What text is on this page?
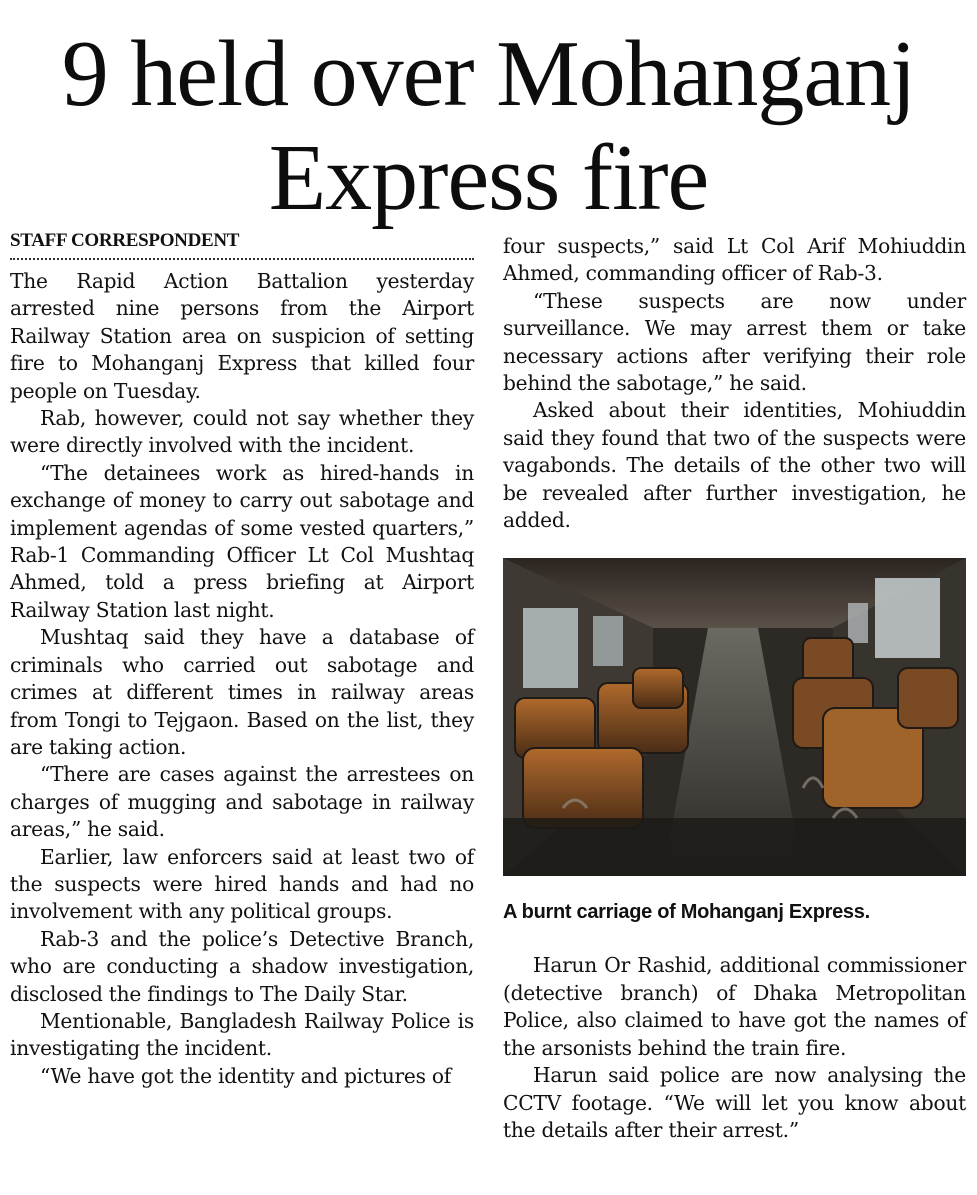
9 held over Mohanganj
Express fire
STAFF CORRESPONDENT

The Rapid Action Battalion yesterday arrested nine persons from the Airport Railway Station area on suspicion of setting fire to Mohanganj Express that killed four people on Tuesday.

Rab, however, could not say whether they were directly involved with the incident.

“The detainees work as hired-hands in exchange of money to carry out sabotage and implement agendas of some vested quarters,” Rab-1 Commanding Officer Lt Col Mushtaq Ahmed, told a press briefing at Airport Railway Station last night.

Mushtaq said they have a database of criminals who carried out sabotage and crimes at different times in railway areas from Tongi to Tejgaon. Based on the list, they are taking action.

“There are cases against the arrestees on charges of mugging and sabotage in railway areas,” he said.

Earlier, law enforcers said at least two of the suspects were hired hands and had no involvement with any political groups.

Rab-3 and the police’s Detective Branch, who are conducting a shadow investigation, disclosed the findings to The Daily Star.

Mentionable, Bangladesh Railway Police is investigating the incident.

“We have got the identity and pictures of

four suspects,” said Lt Col Arif Mohiuddin Ahmed, commanding officer of Rab-3.

“These suspects are now under surveillance. We may arrest them or take necessary actions after verifying their role behind the sabotage,” he said.

Asked about their identities, Mohiuddin said they found that two of the suspects were vagabonds. The details of the other two will be revealed after further investigation, he added.

A burnt carriage of Mohanganj Express.

Harun Or Rashid, additional commissioner (detective branch) of Dhaka Metropolitan Police, also claimed to have got the names of the arsonists behind the train fire.

Harun said police are now analysing the CCTV footage. “We will let you know about the details after their arrest.”
